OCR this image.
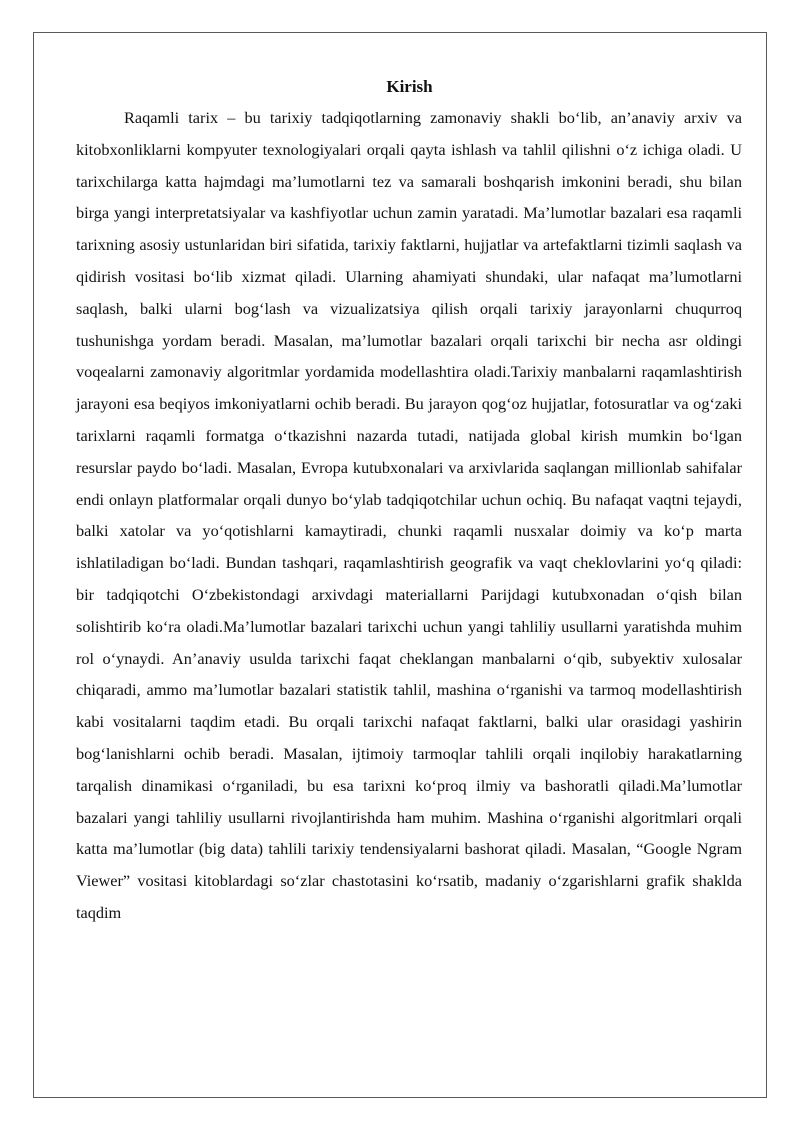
Kirish

Raqamli tarix – bu tarixiy tadqiqotlarning zamonaviy shakli boʻlib, anʼanaviy arxiv va kitobxonliklarni kompyuter texnologiyalari orqali qayta ishlash va tahlil qilishni oʻz ichiga oladi. U tarixchilarga katta hajmdagi maʼlumotlarni tez va samarali boshqarish imkonini beradi, shu bilan birga yangi interpretatsiyalar va kashfiyotlar uchun zamin yaratadi. Maʼlumotlar bazalari esa raqamli tarixning asosiy ustunlaridan biri sifatida, tarixiy faktlarni, hujjatlar va artefaktlarni tizimli saqlash va qidirish vositasi boʻlib xizmat qiladi. Ularning ahamiyati shundaki, ular nafaqat maʼlumotlarni saqlash, balki ularni bogʻlash va vizualizatsiya qilish orqali tarixiy jarayonlarni chuqurroq tushunishga yordam beradi. Masalan, maʼlumotlar bazalari orqali tarixchi bir necha asr oldingi voqealarni zamonaviy algoritmlar yordamida modellashtira oladi.Tarixiy manbalarni raqamlashtirish jarayoni esa beqiyos imkoniyatlarni ochib beradi. Bu jarayon qogʻoz hujjatlar, fotosuratlar va ogʻzaki tarixlarni raqamli formatga oʻtkazishni nazarda tutadi, natijada global kirish mumkin boʻlgan resurslar paydo boʻladi. Masalan, Evropa kutubxonalari va arxivlarida saqlangan millionlab sahifalar endi onlayn platformalar orqali dunyo boʻylab tadqiqotchilar uchun ochiq. Bu nafaqat vaqtni tejaydi, balki xatolar va yoʻqotishlarni kamaytiradi, chunki raqamli nusxalar doimiy va koʻp marta ishlatiladigan boʻladi. Bundan tashqari, raqamlashtirish geografik va vaqt cheklovlarini yoʻq qiladi: bir tadqiqotchi Oʻzbekistondagi arxivdagi materiallarni Parijdagi kutubxonadan oʻqish bilan solishtirib koʻra oladi.Maʼlumotlar bazalari tarixchi uchun yangi tahliliy usullarni yaratishda muhim rol oʻynaydi. Anʼanaviy usulda tarixchi faqat cheklangan manbalarni oʻqib, subyektiv xulosalar chiqaradi, ammo maʼlumotlar bazalari statistik tahlil, mashina oʻrganishi va tarmoq modellashtirish kabi vositalarni taqdim etadi. Bu orqali tarixchi nafaqat faktlarni, balki ular orasidagi yashirin bogʻlanishlarni ochib beradi. Masalan, ijtimoiy tarmoqlar tahlili orqali inqilobiy harakatlarning tarqalish dinamikasi oʻrganiladi, bu esa tarixni koʻproq ilmiy va bashoratli qiladi.Maʼlumotlar bazalari yangi tahliliy usullarni rivojlantirishda ham muhim. Mashina oʻrganishi algoritmlari orqali katta maʼlumotlar (big data) tahlili tarixiy tendensiyalarni bashorat qiladi. Masalan, “Google Ngram Viewer” vositasi kitoblardagi soʻzlar chastotasini koʻrsatib, madaniy oʻzgarishlarni grafik shaklda taqdim
